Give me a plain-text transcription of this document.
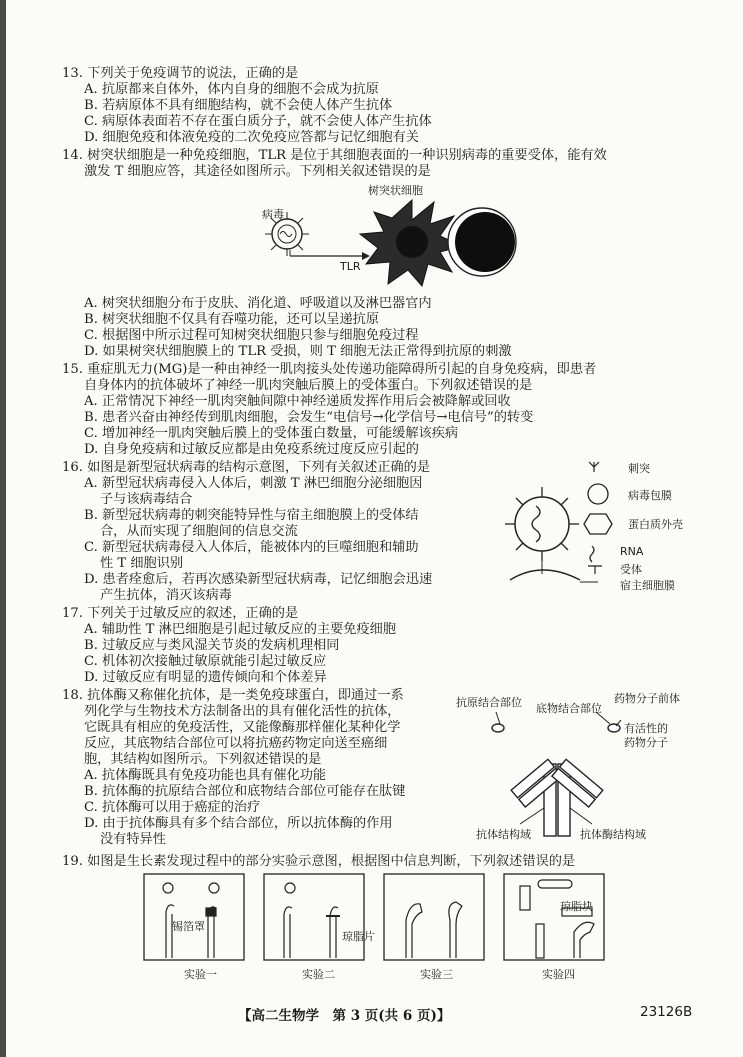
13. 下列关于免疫调节的说法，正确的是
A. 抗原都来自体外，体内自身的细胞不会成为抗原
B. 若病原体不具有细胞结构，就不会使人体产生抗体
C. 病原体表面若不存在蛋白质分子，就不会使人体产生抗体
D. 细胞免疫和体液免疫的二次免疫应答都与记忆细胞有关
14. 树突状细胞是一种免疫细胞，TLR 是位于其细胞表面的一种识别病毒的重要受体，能有效
激发 T 细胞应答，其途径如图所示。下列相关叙述错误的是
树突状细胞
病毒
TLR
A. 树突状细胞分布于皮肤、消化道、呼吸道以及淋巴器官内
B. 树突状细胞不仅具有吞噬功能，还可以呈递抗原
C. 根据图中所示过程可知树突状细胞只参与细胞免疫过程
D. 如果树突状细胞膜上的 TLR 受损，则 T 细胞无法正常得到抗原的刺激
15. 重症肌无力(MG)是一种由神经一肌肉接头处传递功能障碍所引起的自身免疫病，即患者
自身体内的抗体破坏了神经一肌肉突触后膜上的受体蛋白。下列叙述错误的是
A. 正常情况下神经一肌肉突触间隙中神经递质发挥作用后会被降解或回收
B. 患者兴奋由神经传到肌肉细胞，会发生“电信号→化学信号→电信号”的转变
C. 增加神经一肌肉突触后膜上的受体蛋白数量，可能缓解该疾病
D. 自身免疫病和过敏反应都是由免疫系统过度反应引起的
16. 如图是新型冠状病毒的结构示意图，下列有关叙述正确的是
A. 新型冠状病毒侵入人体后，刺激 T 淋巴细胞分泌细胞因
子与该病毒结合
B. 新型冠状病毒的刺突能特异性与宿主细胞膜上的受体结
合，从而实现了细胞间的信息交流
C. 新型冠状病毒侵入人体后，能被体内的巨噬细胞和辅助
性 T 细胞识别
D. 患者痊愈后，若再次感染新型冠状病毒，记忆细胞会迅速
产生抗体，消灭该病毒
刺突
病毒包膜
蛋白质外壳
RNA
受体
宿主细胞膜
17. 下列关于过敏反应的叙述，正确的是
A. 辅助性 T 淋巴细胞是引起过敏反应的主要免疫细胞
B. 过敏反应与类风湿关节炎的发病机理相同
C. 机体初次接触过敏原就能引起过敏反应
D. 过敏反应有明显的遗传倾向和个体差异
18. 抗体酶又称催化抗体，是一类免疫球蛋白，即通过一系
列化学与生物技术方法制备出的具有催化活性的抗体，
它既具有相应的免疫活性，又能像酶那样催化某种化学
反应，其底物结合部位可以将抗癌药物定向送至癌细
胞，其结构如图所示。下列叙述错误的是
A. 抗体酶既具有免疫功能也具有催化功能
B. 抗体酶的抗原结合部位和底物结合部位可能存在肽键
C. 抗体酶可以用于癌症的治疗
D. 由于抗体酶具有多个结合部位，所以抗体酶的作用
没有特异性
抗原结合部位 底物结合部位
药物分子前体
有活性的
药物分子
抗体结构域	抗体酶结构域
19. 如图是生长素发现过程中的部分实验示意图，根据图中信息判断，下列叙述错误的是
锡箔罩
琼脂片
琼脂块
实验一	实验二	实验三	实验四
【高二生物学　第 3 页(共 6 页)】	23126B
